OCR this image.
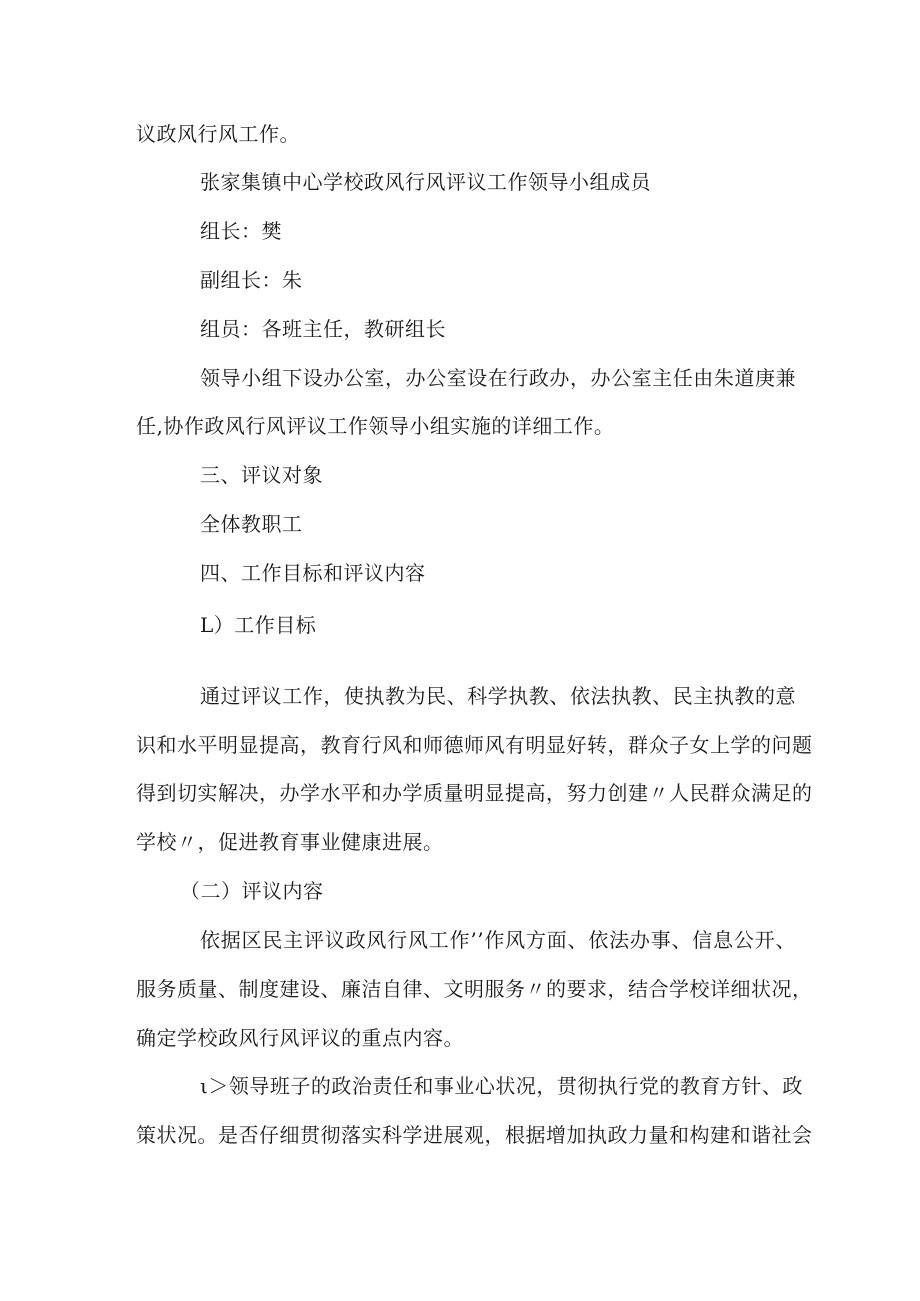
议政风行风工作。
张家集镇中心学校政风行风评议工作领导小组成员
组长：樊
副组长：朱
组员：各班主任，教研组长
领导小组下设办公室，办公室设在行政办，办公室主任由朱道庚兼
任,协作政风行风评议工作领导小组实施的详细工作。
三、评议对象
全体教职工
四、工作目标和评议内容
L）工作目标
通过评议工作，使执教为民、科学执教、依法执教、民主执教的意
识和水平明显提高，教育行风和师德师风有明显好转，群众子女上学的问题
得到切实解决，办学水平和办学质量明显提高，努力创建〃人民群众满足的
学校〃，促进教育事业健康进展。
（二）评议内容
依据区民主评议政风行风工作’’作风方面、依法办事、信息公开、
服务质量、制度建设、廉洁自律、文明服务〃的要求，结合学校详细状况，
确定学校政风行风评议的重点内容。
ι＞领导班子的政治责任和事业心状况，贯彻执行党的教育方针、政
策状况。是否仔细贯彻落实科学进展观，根据增加执政力量和构建和谐社会
